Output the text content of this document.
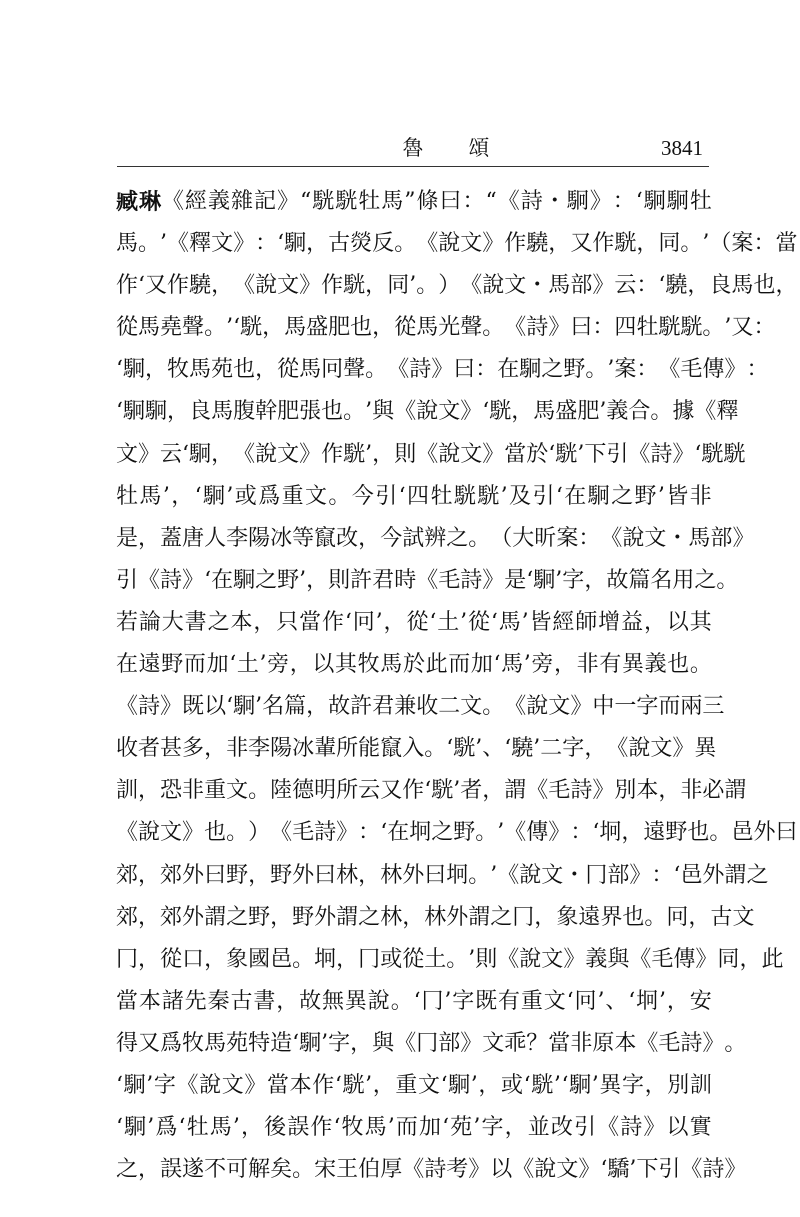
魯　頌	3841
臧 琳 《 經 義 雜 記 》 “ 駫 駫 牡 馬 ” 條 曰 ： “ 《 詩 ・ 駉 》 ： ‘ 駉 駉 牡
馬 。 ’ 《 釋 文 》 ： ‘ 駉 ， 古 熒 反 。 《 說 文 》 作 驍 ， 又 作 駫 ， 同 。 ’ （ 案 ： 當
作 ‘ 又 作 驍 ， 《 說 文 》 作 駫 ， 同 ’ 。 ） 《 說 文 ・ 馬 部 》 云 ： ‘ 驍 ， 良 馬 也 ，
從 馬 堯 聲 。 ’ ‘ 駫 ， 馬 盛 肥 也 ， 從 馬 光 聲 。 《 詩 》 曰 ： 四 牡 駫 駫 。 ’ 又 ：
‘ 駉 ， 牧 馬 苑 也 ， 從 馬 冋 聲 。 《 詩 》 曰 ： 在 駉 之 野 。 ’ 案 ： 《 毛 傳 》 ：
‘ 駉 駉 ， 良 馬 腹 幹 肥 張 也 。 ’ 與 《 說 文 》 ‘ 駫 ， 馬 盛 肥 ’ 義 合 。 據 《 釋
文 》 云 ‘ 駉 ， 《 說 文 》 作 駫 ’ ， 則 《 說 文 》 當 於 ‘ 駫 ’ 下 引 《 詩 》 ‘ 駫 駫
牡 馬 ’ ， ‘ 駉 ’ 或 爲 重 文 。 今 引 ‘ 四 牡 駫 駫 ’ 及 引 ‘ 在 駉 之 野 ’ 皆 非
是 ， 蓋 唐 人 李 陽 冰 等 竄 改 ， 今 試 辨 之 。 （ 大 昕 案 ： 《 說 文 ・ 馬 部 》
引 《 詩 》 ‘ 在 駉 之 野 ’ ， 則 許 君 時 《 毛 詩 》 是 ‘ 駉 ’ 字 ， 故 篇 名 用 之 。
若 論 大 書 之 本 ， 只 當 作 ‘ 冋 ’ ， 從 ‘ 土 ’ 從 ‘ 馬 ’ 皆 經 師 增 益 ， 以 其
在 遠 野 而 加 ‘ 土 ’ 旁 ， 以 其 牧 馬 於 此 而 加 ‘ 馬 ’ 旁 ， 非 有 異 義 也 。
《 詩 》 既 以 ‘ 駉 ’ 名 篇 ， 故 許 君 兼 收 二 文 。 《 說 文 》 中 一 字 而 兩 三
收 者 甚 多 ， 非 李 陽 冰 輩 所 能 竄 入 。 ‘ 駫 ’ 、 ‘ 驍 ’ 二 字 ， 《 說 文 》 異
訓 ， 恐 非 重 文 。 陸 德 明 所 云 又 作 ‘ 駫 ’ 者 ， 謂 《 毛 詩 》 別 本 ， 非 必 謂
《 說 文 》 也 。 ） 《 毛 詩 》 ： ‘ 在 坰 之 野 。 ’ 《 傳 》 ： ‘ 坰 ， 遠 野 也 。 邑 外 曰
郊 ， 郊 外 曰 野 ， 野 外 曰 林 ， 林 外 曰 坰 。 ’ 《 說 文 ・ 冂 部 》 ： ‘ 邑 外 謂 之
郊 ， 郊 外 謂 之 野 ， 野 外 謂 之 林 ， 林 外 謂 之 冂 ， 象 遠 界 也 。 冋 ， 古 文
冂 ， 從 口 ， 象 國 邑 。 坰 ， 冂 或 從 土 。 ’ 則 《 說 文 》 義 與 《 毛 傳 》 同 ， 此
當 本 諸 先 秦 古 書 ， 故 無 異 說 。 ‘ 冂 ’ 字 既 有 重 文 ‘ 冋 ’ 、 ‘ 坰 ’ ， 安
得 又 爲 牧 馬 苑 特 造 ‘ 駉 ’ 字 ， 與 《 冂 部 》 文 乖 ？ 當 非 原 本 《 毛 詩 》 。
‘ 駉 ’ 字 《 說 文 》 當 本 作 ‘ 駫 ’ ， 重 文 ‘ 駉 ’ ， 或 ‘ 駫 ’ ‘ 駉 ’ 異 字 ， 別 訓
‘ 駉 ’ 爲 ‘ 牡 馬 ’ ， 後 誤 作 ‘ 牧 馬 ’ 而 加 ‘ 苑 ’ 字 ， 並 改 引 《 詩 》 以 實
之 ， 誤 遂 不 可 解 矣 。 宋 王 伯 厚 《 詩 考 》 以 《 說 文 》 ‘ 驕 ’ 下 引 《 詩 》
